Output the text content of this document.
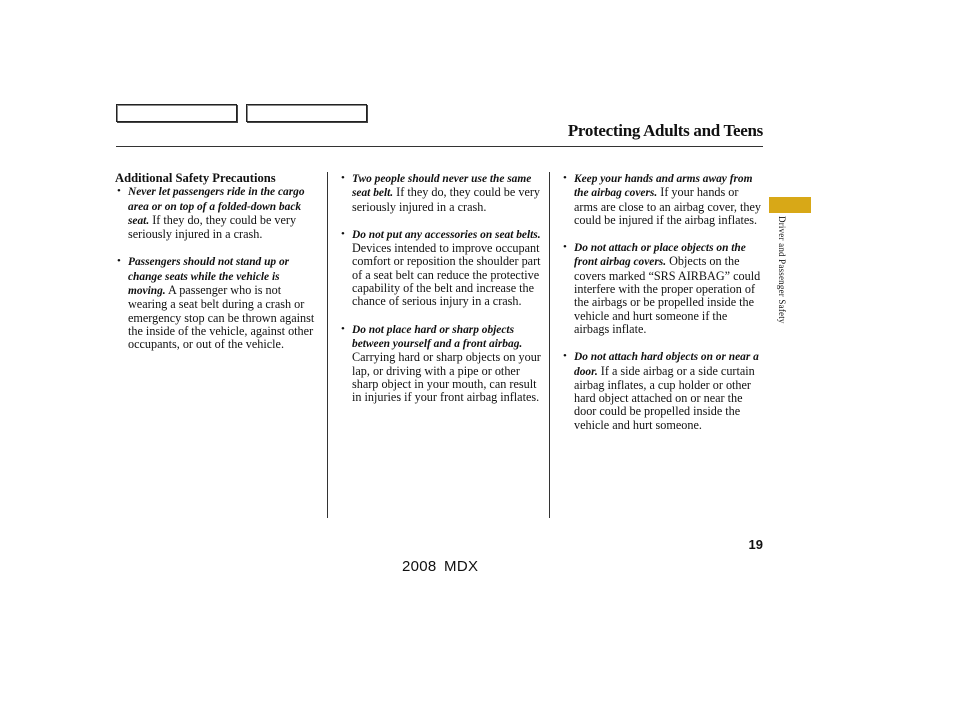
Protecting Adults and Teens

Additional Safety Precautions

• Never let passengers ride in the cargo area or on top of a folded-down back seat. If they do, they could be very seriously injured in a crash.
• Passengers should not stand up or change seats while the vehicle is moving. A passenger who is not wearing a seat belt during a crash or emergency stop can be thrown against the inside of the vehicle, against other occupants, or out of the vehicle.
• Two people should never use the same seat belt. If they do, they could be very seriously injured in a crash.
• Do not put any accessories on seat belts. Devices intended to improve occupant comfort or reposition the shoulder part of a seat belt can reduce the protective capability of the belt and increase the chance of serious injury in a crash.
• Do not place hard or sharp objects between yourself and a front airbag. Carrying hard or sharp objects on your lap, or driving with a pipe or other sharp object in your mouth, can result in injuries if your front airbag inflates.
• Keep your hands and arms away from the airbag covers. If your hands or arms are close to an airbag cover, they could be injured if the airbag inflates.
• Do not attach or place objects on the front airbag covers. Objects on the covers marked “SRS AIRBAG” could interfere with the proper operation of the airbags or be propelled inside the vehicle and hurt someone if the airbags inflate.
• Do not attach hard objects on or near a door. If a side airbag or a side curtain airbag inflates, a cup holder or other hard object attached on or near the door could be propelled inside the vehicle and hurt someone.
Driver and Passenger Safety
19
2008 MDX
